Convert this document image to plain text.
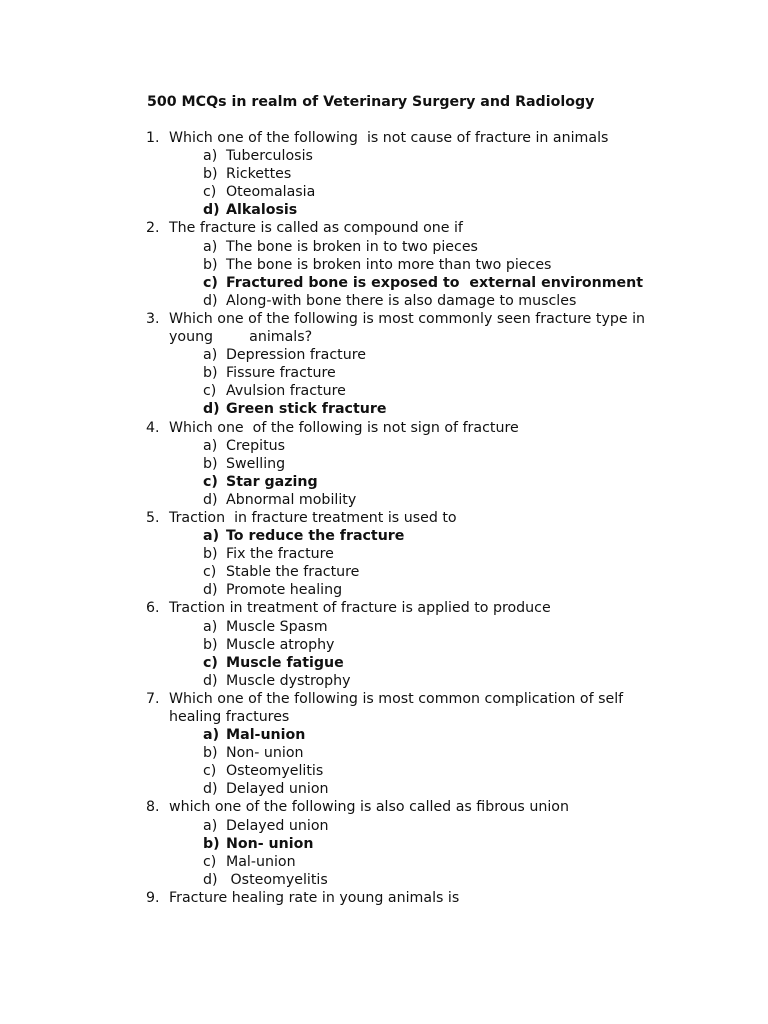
500 MCQs in realm of Veterinary Surgery and Radiology
1. Which one of the following  is not cause of fracture in animals
a) Tuberculosis
b) Rickettes
c) Oteomalasia
d) Alkalosis
2. The fracture is called as compound one if
a) The bone is broken in to two pieces
b) The bone is broken into more than two pieces
c) Fractured bone is exposed to  external environment
d) Along-with bone there is also damage to muscles
3. Which one of the following is most commonly seen fracture type in young        animals?
a) Depression fracture
b) Fissure fracture
c) Avulsion fracture
d) Green stick fracture
4. Which one  of the following is not sign of fracture
a) Crepitus
b) Swelling
c) Star gazing
d) Abnormal mobility
5. Traction  in fracture treatment is used to
a) To reduce the fracture
b) Fix the fracture
c) Stable the fracture
d) Promote healing
6. Traction in treatment of fracture is applied to produce
a) Muscle Spasm
b) Muscle atrophy
c) Muscle fatigue
d) Muscle dystrophy
7. Which one of the following is most common complication of self healing fractures
a) Mal-union
b) Non- union
c) Osteomyelitis
d) Delayed union
8. which one of the following is also called as fibrous union
a) Delayed union
b) Non- union
c) Mal-union
d) Osteomyelitis
9. Fracture healing rate in young animals is
